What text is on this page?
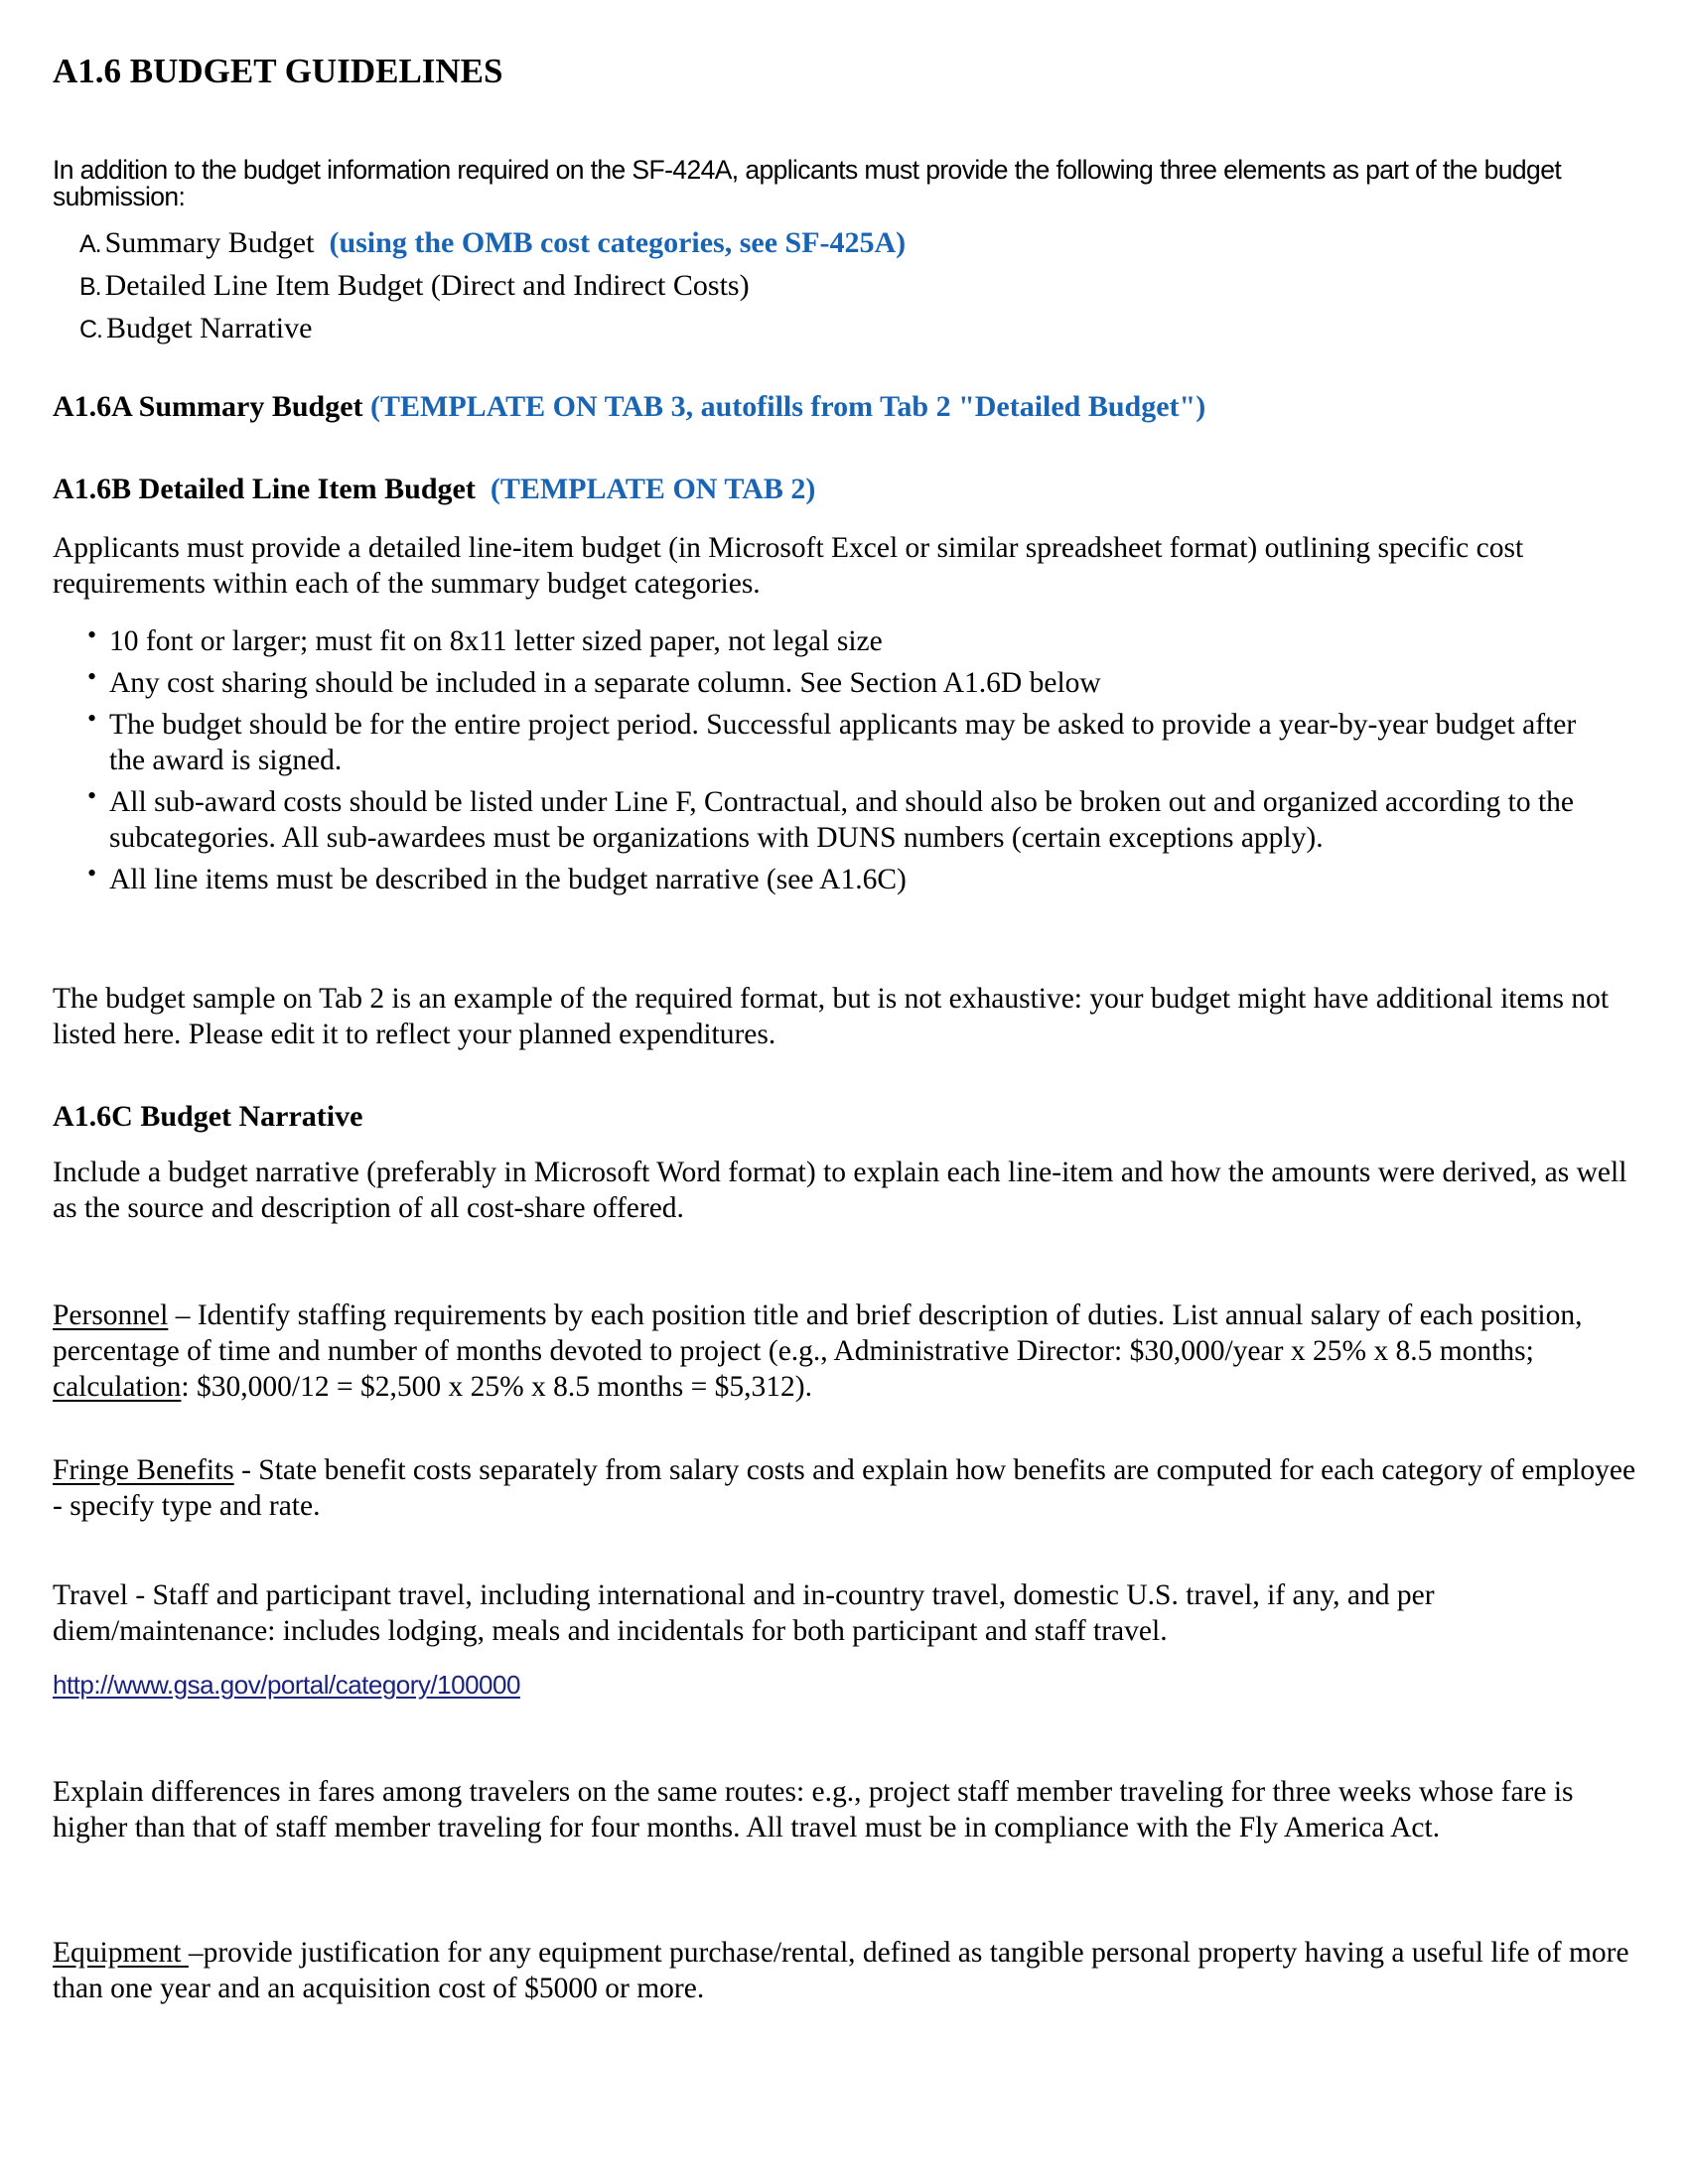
A1.6 BUDGET GUIDELINES
In addition to the budget information required on the SF-424A, applicants must provide the following three elements as part of the budget submission:
A. Summary Budget (using the OMB cost categories, see SF-425A)
B. Detailed Line Item Budget (Direct and Indirect Costs)
C. Budget Narrative
A1.6A Summary Budget (TEMPLATE ON TAB 3, autofills from Tab 2 "Detailed Budget")
A1.6B Detailed Line Item Budget (TEMPLATE ON TAB 2)
Applicants must provide a detailed line-item budget (in Microsoft Excel or similar spreadsheet format) outlining specific cost requirements within each of the summary budget categories.
• 10 font or larger; must fit on 8x11 letter sized paper, not legal size
• Any cost sharing should be included in a separate column. See Section A1.6D below
• The budget should be for the entire project period. Successful applicants may be asked to provide a year-by-year budget after the award is signed.
• All sub-award costs should be listed under Line F, Contractual, and should also be broken out and organized according to the subcategories. All sub-awardees must be organizations with DUNS numbers (certain exceptions apply).
• All line items must be described in the budget narrative (see A1.6C)
The budget sample on Tab 2 is an example of the required format, but is not exhaustive: your budget might have additional items not listed here. Please edit it to reflect your planned expenditures.
A1.6C Budget Narrative
Include a budget narrative (preferably in Microsoft Word format) to explain each line-item and how the amounts were derived, as well as the source and description of all cost-share offered.
Personnel – Identify staffing requirements by each position title and brief description of duties. List annual salary of each position, percentage of time and number of months devoted to project (e.g., Administrative Director: $30,000/year x 25% x 8.5 months; calculation: $30,000/12 = $2,500 x 25% x 8.5 months = $5,312).
Fringe Benefits - State benefit costs separately from salary costs and explain how benefits are computed for each category of employee - specify type and rate.
Travel - Staff and participant travel, including international and in-country travel, domestic U.S. travel, if any, and per diem/maintenance: includes lodging, meals and incidentals for both participant and staff travel.
http://www.gsa.gov/portal/category/100000
Explain differences in fares among travelers on the same routes: e.g., project staff member traveling for three weeks whose fare is higher than that of staff member traveling for four months. All travel must be in compliance with the Fly America Act.
Equipment –provide justification for any equipment purchase/rental, defined as tangible personal property having a useful life of more than one year and an acquisition cost of $5000 or more.
